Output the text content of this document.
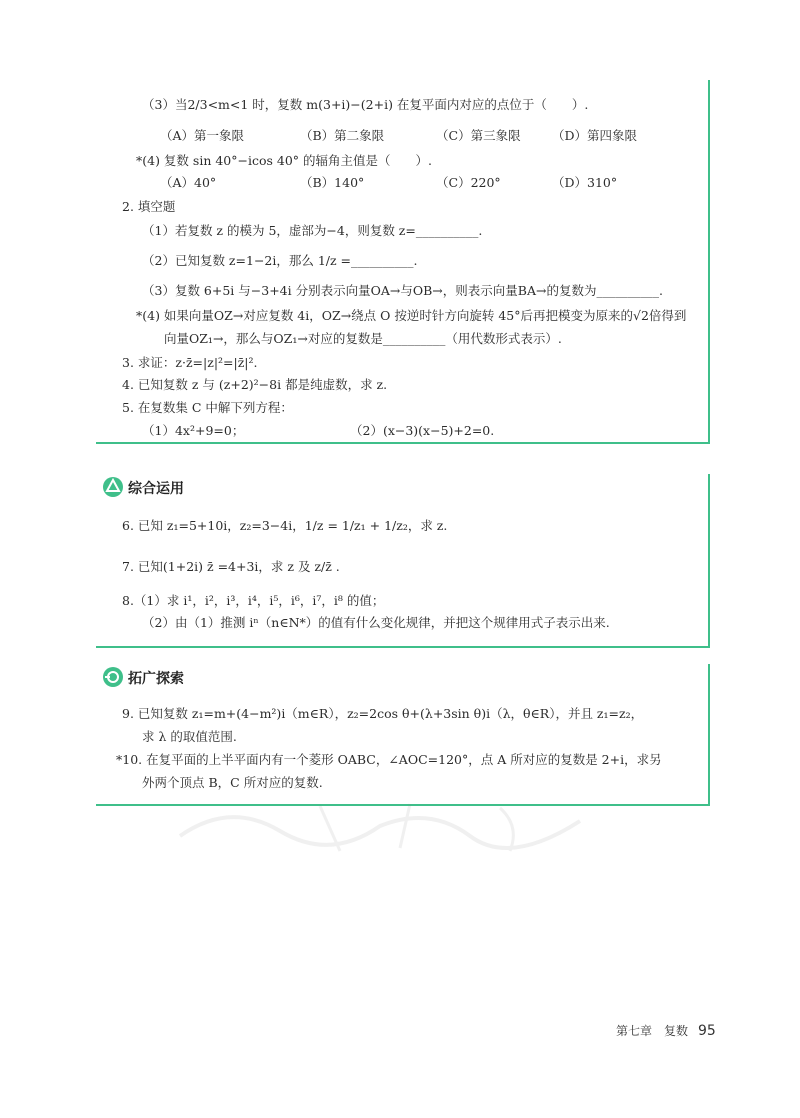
（3）当2/3<m<1 时，复数 m(3+i)−(2+i) 在复平面内对应的点位于（　　）.
（A）第一象限	（B）第二象限	（C）第三象限	（D）第四象限
*(4) 复数 sin 40°−icos 40° 的辐角主值是（　　）.
（A）40°	（B）140°	（C）220°	（D）310°
2. 填空题
（1）若复数 z 的模为 5，虚部为−4，则复数 z=__________.
（2）已知复数 z=1−2i，那么 1/z =__________.
（3）复数 6+5i 与−3+4i 分别表示向量OA→与OB→，则表示向量BA→的复数为__________.
*(4) 如果向量OZ→对应复数 4i，OZ→绕点 O 按逆时针方向旋转 45°后再把模变为原来的√2倍得到
向量OZ₁→，那么与OZ₁→对应的复数是__________（用代数形式表示）.
3. 求证：z·z̄=|z|²=|z̄|².
4. 已知复数 z 与 (z+2)²−8i 都是纯虚数，求 z.
5. 在复数集 C 中解下列方程：
（1）4x²+9=0；	（2）(x−3)(x−5)+2=0.
综合运用
6. 已知 z₁=5+10i，z₂=3−4i，1/z = 1/z₁ + 1/z₂，求 z.
7. 已知(1+2i) z̄ =4+3i，求 z 及 z/z̄ .
8.（1）求 i¹，i²，i³，i⁴，i⁵，i⁶，i⁷，i⁸ 的值；
（2）由（1）推测 iⁿ（n∈N*）的值有什么变化规律，并把这个规律用式子表示出来.
拓广探索
9. 已知复数 z₁=m+(4−m²)i（m∈R），z₂=2cos θ+(λ+3sin θ)i（λ，θ∈R），并且 z₁=z₂，
求 λ 的取值范围.
*10. 在复平面的上半平面内有一个菱形 OABC，∠AOC=120°，点 A 所对应的复数是 2+i，求另
外两个顶点 B，C 所对应的复数.
第七章　复数 95
